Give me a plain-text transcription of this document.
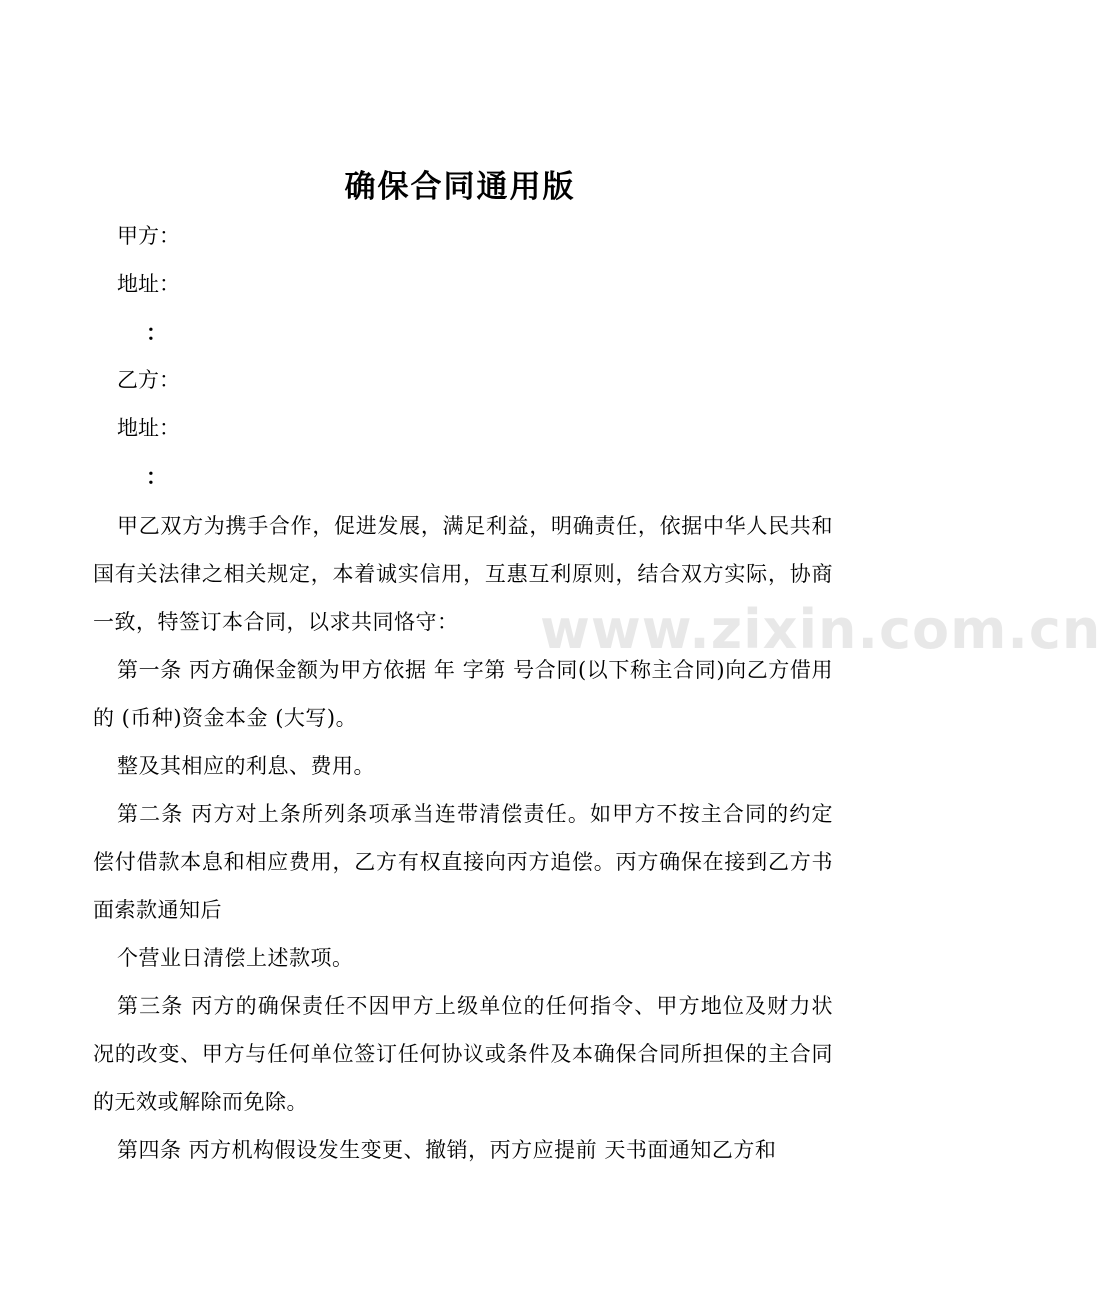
确保合同通用版

甲方：

地址：

：

乙方：

地址：

：

甲乙双方为携手合作，促进发展，满足利益，明确责任，依据中华人民共和国有关法律之相关规定，本着诚实信用，互惠互利原则，结合双方实际，协商一致，特签订本合同，以求共同恪守：

第一条 丙方确保金额为甲方依据 年 字第 号合同(以下称主合同)向乙方借用的 (币种)资金本金 (大写)。

整及其相应的利息、费用。

第二条 丙方对上条所列条项承当连带清偿责任。如甲方不按主合同的约定偿付借款本息和相应费用，乙方有权直接向丙方追偿。丙方确保在接到乙方书面索款通知后

个营业日清偿上述款项。

第三条 丙方的确保责任不因甲方上级单位的任何指令、甲方地位及财力状况的改变、甲方与任何单位签订任何协议或条件及本确保合同所担保的主合同的无效或解除而免除。

第四条 丙方机构假设发生变更、撤销，丙方应提前 天书面通知乙方和

www.zixin.com.cn
